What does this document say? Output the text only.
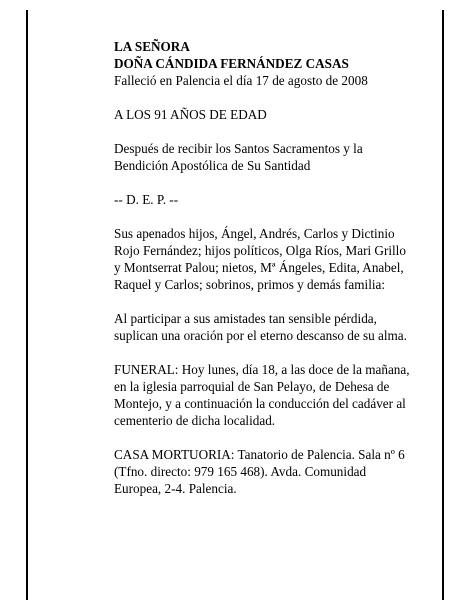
LA SEÑORA

DOÑA CÁNDIDA FERNÁNDEZ CASAS

Falleció en Palencia el día 17 de agosto de 2008

A LOS 91 AÑOS DE EDAD

Después de recibir los Santos Sacramentos y la

Bendición Apostólica de Su Santidad

-- D. E. P. --

Sus apenados hijos, Ángel, Andrés, Carlos y Dictinio

Rojo Fernández; hijos políticos, Olga Ríos, Mari Grillo

y Montserrat Palou; nietos, Mª Ángeles, Edita, Anabel,

Raquel y Carlos; sobrinos, primos y demás familia:

Al participar a sus amistades tan sensible pérdida,

suplican una oración por el eterno descanso de su alma.

FUNERAL: Hoy lunes, día 18, a las doce de la mañana,

en la iglesia parroquial de San Pelayo, de Dehesa de

Montejo, y a continuación la conducción del cadáver al

cementerio de dicha localidad.

CASA MORTUORIA: Tanatorio de Palencia. Sala nº 6

(Tfno. directo: 979 165 468). Avda. Comunidad

Europea, 2-4. Palencia.
